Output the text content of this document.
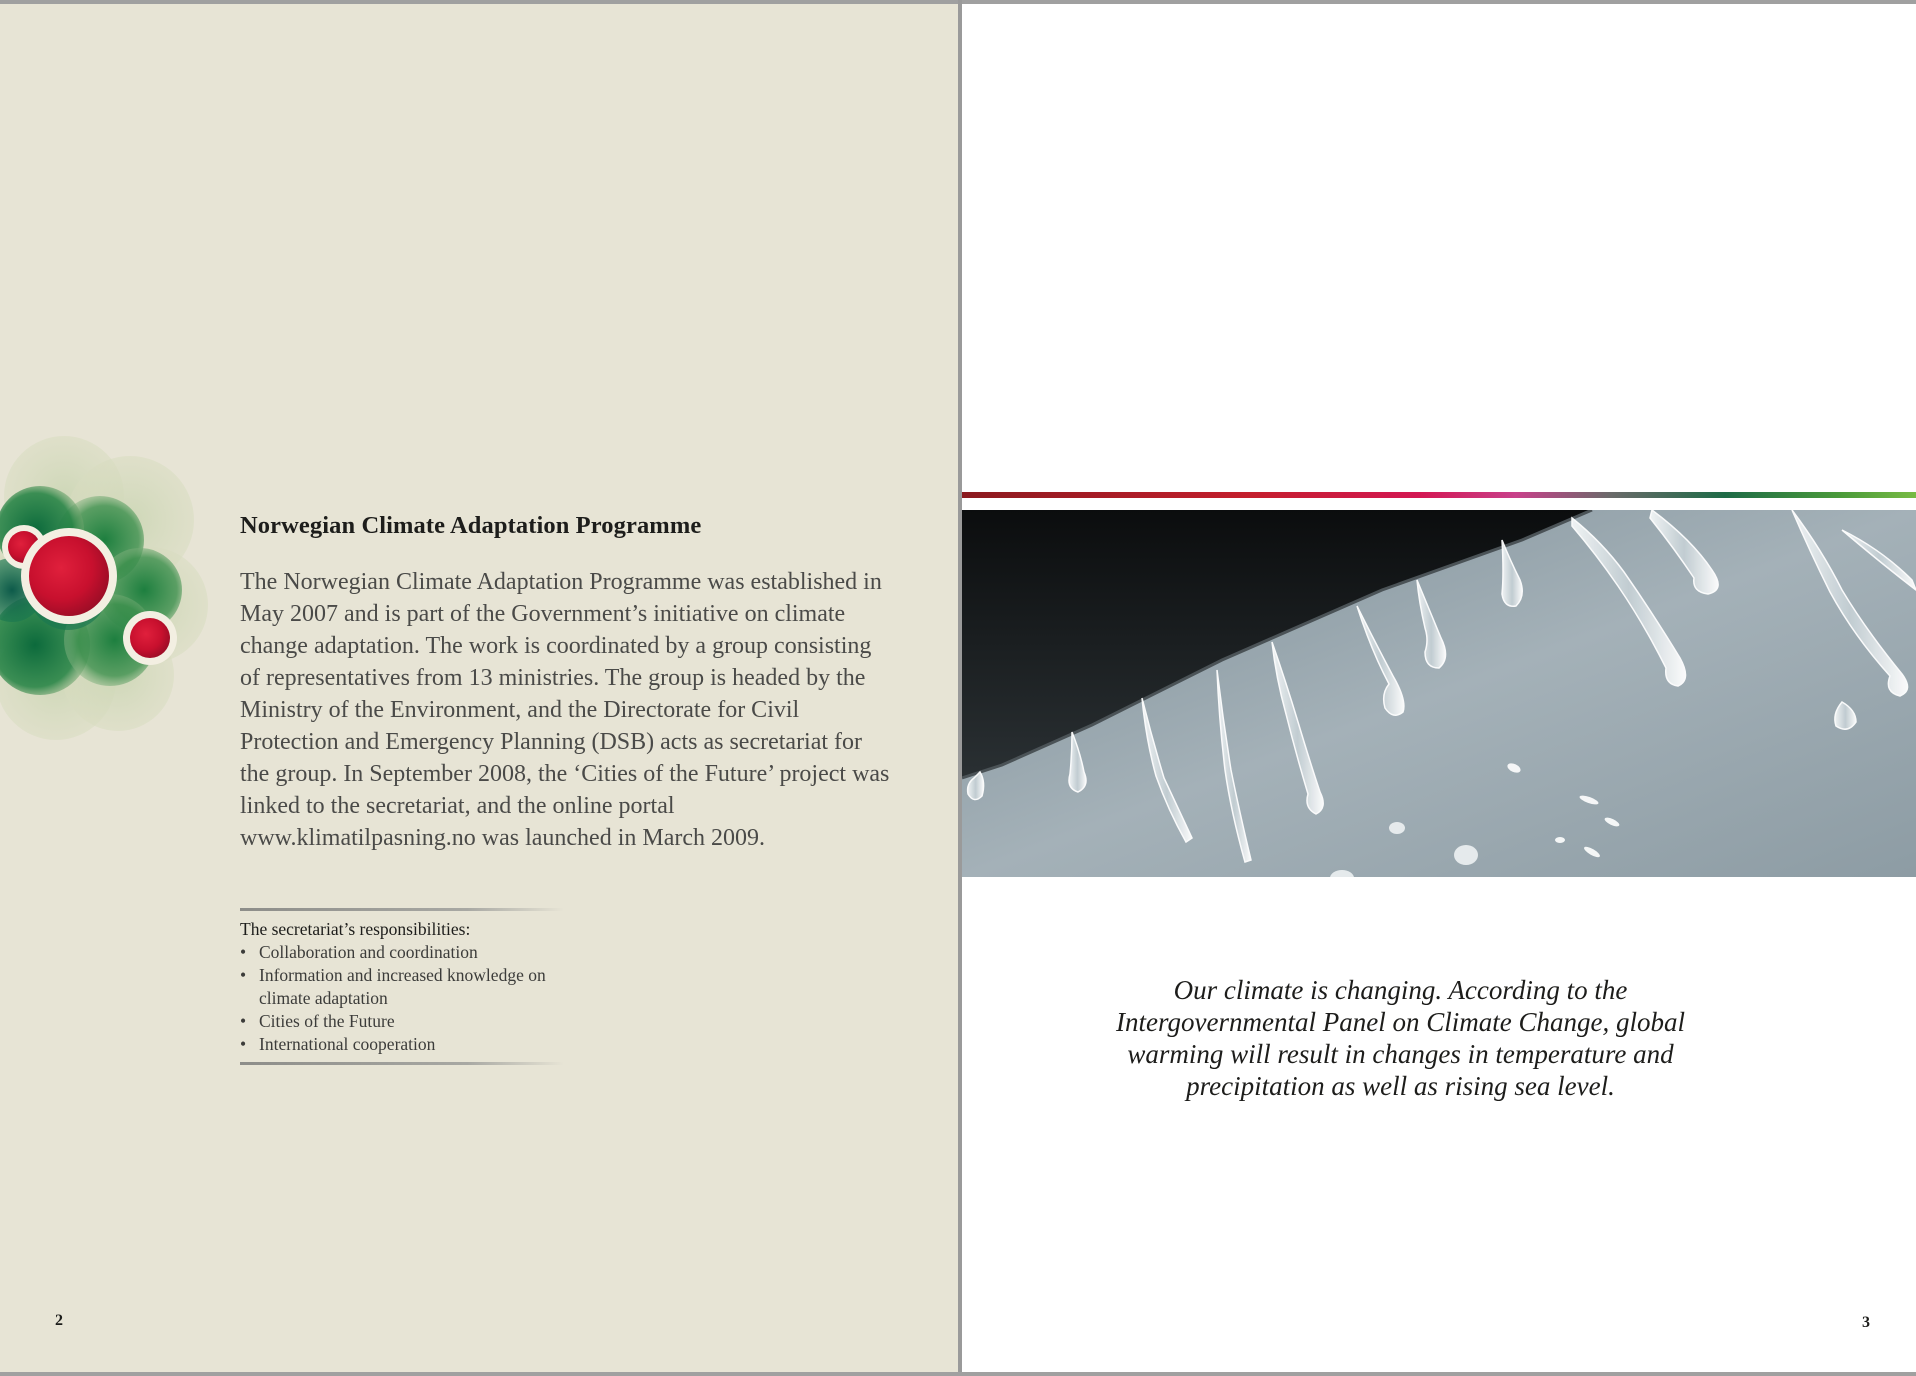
Norwegian Climate Adaptation Programme

The Norwegian Climate Adaptation Programme was established in May 2007 and is part of the Government’s initiative on climate change adaptation. The work is coordinated by a group consisting of representatives from 13 ministries. The group is headed by the Ministry of the Environment, and the Directorate for Civil Protection and Emergency Planning (DSB) acts as secretariat for the group. In September 2008, the ‘Cities of the Future’ project was linked to the secretariat, and the online portal www.klimatilpasning.no was launched in March 2009.

The secretariat’s responsibilities:
• Collaboration and coordination
• Information and increased knowledge on climate adaptation
• Cities of the Future
• International cooperation
2

Our climate is changing. According to the Intergovernmental Panel on Climate Change, global warming will result in changes in temperature and precipitation as well as rising sea level.

3
